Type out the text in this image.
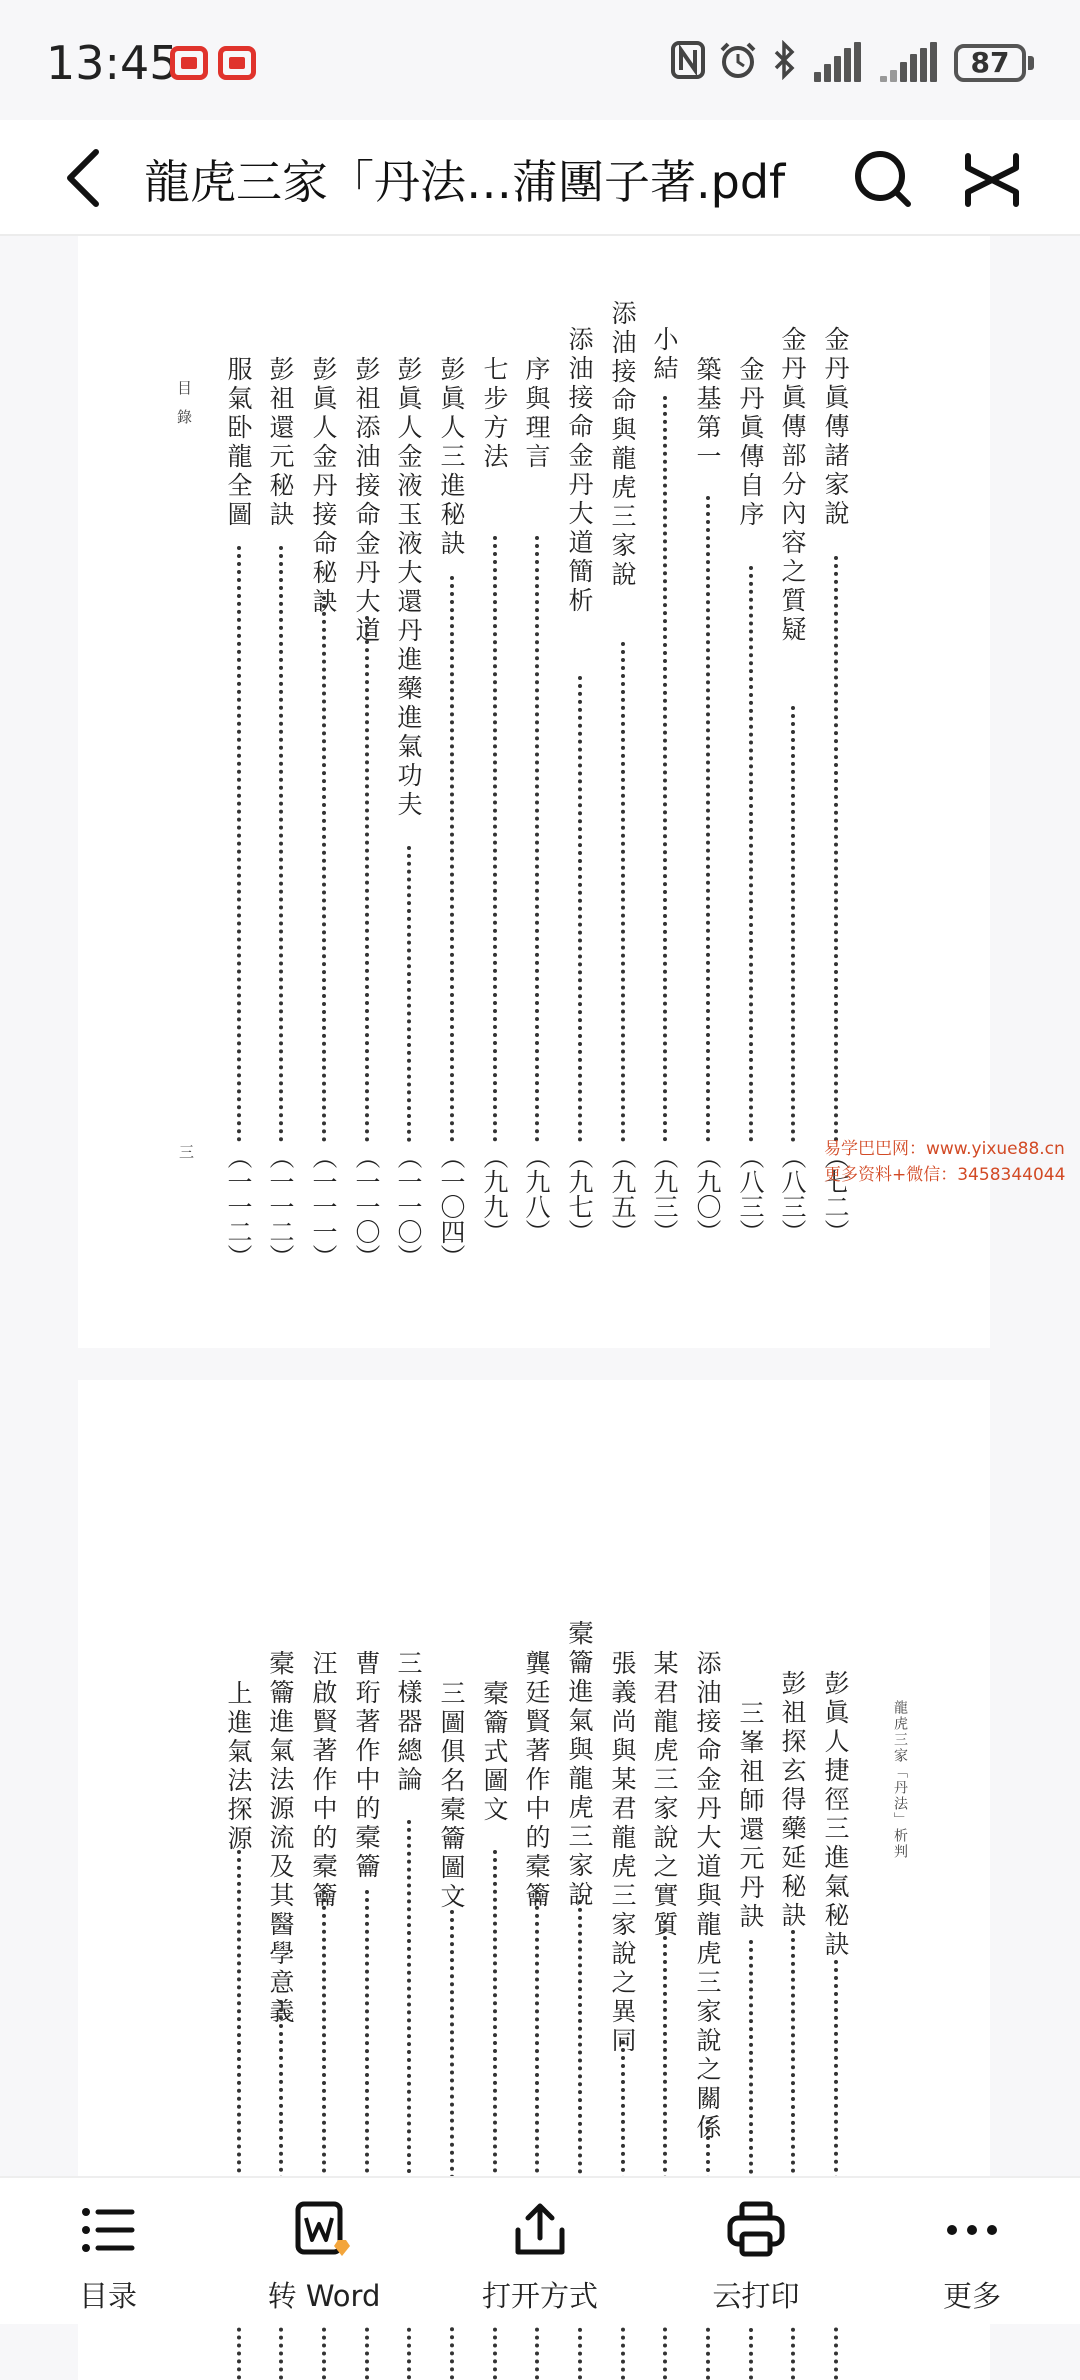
13:45	87
龍虎三家「丹法…蒲團子著.pdf
目錄
三
金丹眞傳諸家說
（七二）
金丹眞傳部分內容之質疑
（八三）
金丹眞傳自序
（八三）
築基第一
（九〇）
小結
（九三）
添油接命與龍虎三家說
（九五）
添油接命金丹大道簡析
（九七）
序與理言
（九八）
七步方法
（九九）
彭眞人三進秘訣
（一〇四）
彭眞人金液玉液大還丹進藥進氣功夫
（一一〇）
彭祖添油接命金丹大道
（一一〇）
彭眞人金丹接命秘訣
（一一一）
彭祖還元秘訣
（一一二）
服氣卧龍全圖
（一一二）
龍虎三家「丹法」析判
彭眞人捷徑三進氣秘訣
彭祖探玄得藥延秘訣
三峯祖師還元丹訣
添油接命金丹大道與龍虎三家說之關係
某君龍虎三家說之實質
張義尚與某君龍虎三家說之異同
槖籥進氣與龍虎三家說
龔廷賢著作中的槖籥
槖籥式圖文
三圖俱名槖籥圖文
三樣器總論
曹珩著作中的槖籥
汪啟賢著作中的槖籥
槖籥進氣法源流及其醫學意義
上進氣法探源
易学巴巴网：www.yixue88.cn
更多资料+微信：3458344044
目录	转 Word	打开方式	云打印	更多
